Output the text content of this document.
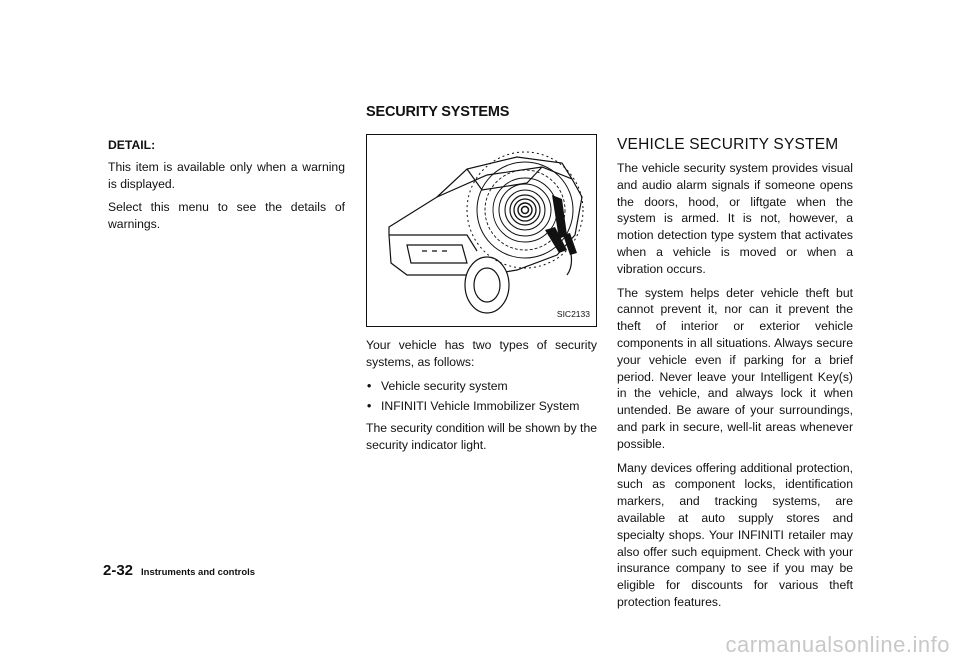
DETAIL:

This item is available only when a warning is displayed.

Select this menu to see the details of warnings.

SECURITY SYSTEMS
SIC2133

Your vehicle has two types of security systems, as follows:

• Vehicle security system
• INFINITI Vehicle Immobilizer System

The security condition will be shown by the security indicator light.

VEHICLE SECURITY SYSTEM

The vehicle security system provides visual and audio alarm signals if someone opens the doors, hood, or liftgate when the system is armed. It is not, however, a motion detection type system that activates when a vehicle is moved or when a vibration occurs.

The system helps deter vehicle theft but cannot prevent it, nor can it prevent the theft of interior or exterior vehicle components in all situations. Always secure your vehicle even if parking for a brief period. Never leave your Intelligent Key(s) in the vehicle, and always lock it when untended. Be aware of your surroundings, and park in secure, well-lit areas whenever possible.

Many devices offering additional protection, such as component locks, identification markers, and tracking systems, are available at auto supply stores and specialty shops. Your INFINITI retailer may also offer such equipment. Check with your insurance company to see if you may be eligible for discounts for various theft protection features.

2-32 Instruments and controls
carmanualsonline.info
